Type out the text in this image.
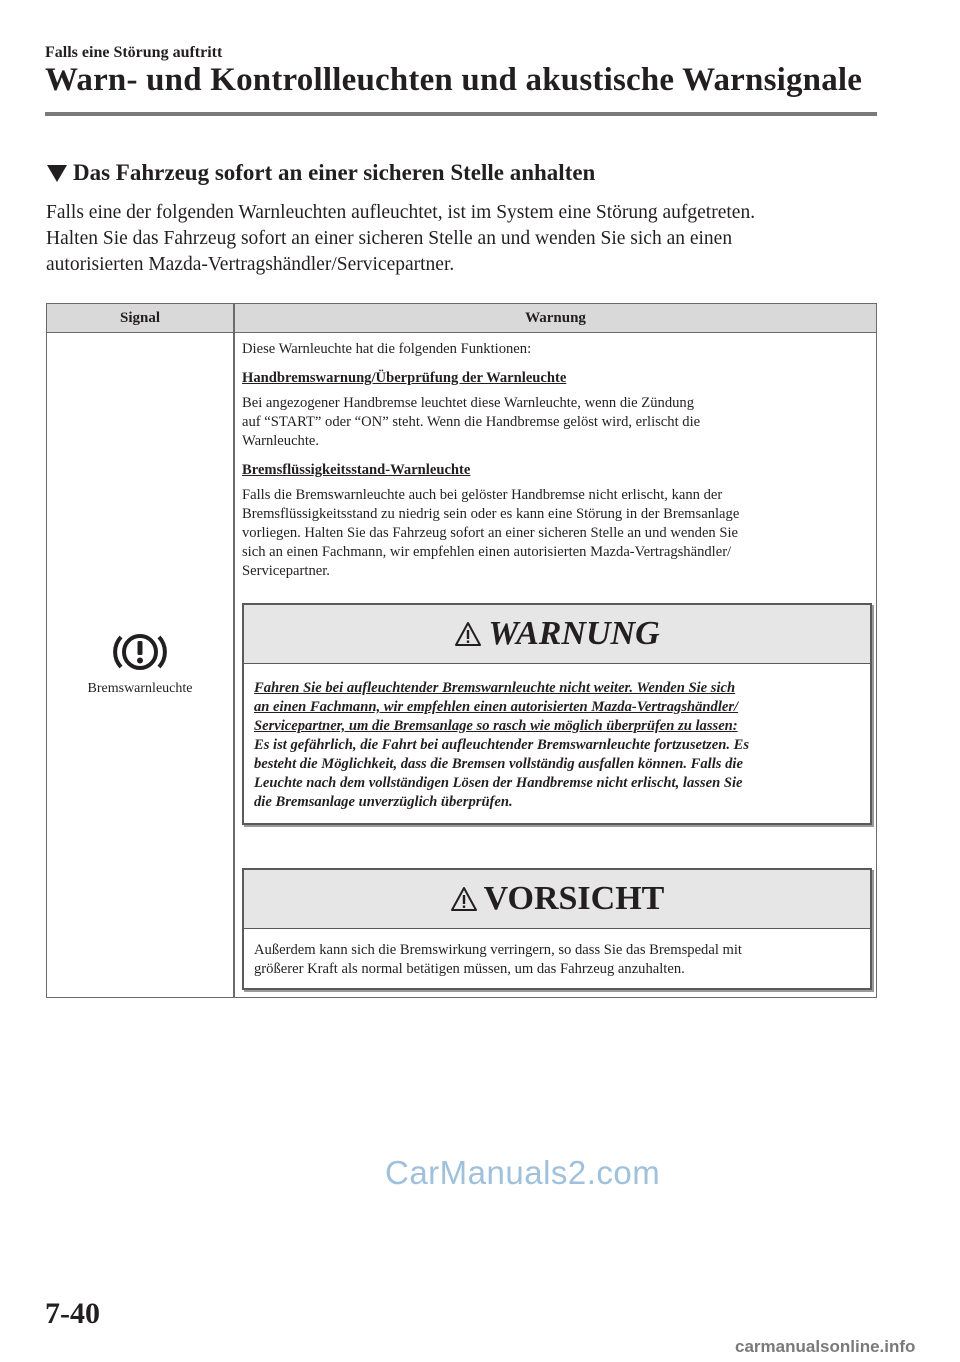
Falls eine Störung auftritt
Warn- und Kontrollleuchten und akustische Warnsignale
Das Fahrzeug sofort an einer sicheren Stelle anhalten

Falls eine der folgenden Warnleuchten aufleuchtet, ist im System eine Störung aufgetreten.

Halten Sie das Fahrzeug sofort an einer sicheren Stelle an und wenden Sie sich an einen

autorisierten Mazda-Vertragshändler/Servicepartner.

Signal	Warnung
Bremswarnleuchte

Diese Warnleuchte hat die folgenden Funktionen:

Handbremswarnung/Überprüfung der Warnleuchte

Bei angezogener Handbremse leuchtet diese Warnleuchte, wenn die Zündung

auf “START” oder “ON” steht. Wenn die Handbremse gelöst wird, erlischt die

Warnleuchte.

Bremsflüssigkeitsstand-Warnleuchte

Falls die Bremswarnleuchte auch bei gelöster Handbremse nicht erlischt, kann der

Bremsflüssigkeitsstand zu niedrig sein oder es kann eine Störung in der Bremsanlage

vorliegen. Halten Sie das Fahrzeug sofort an einer sicheren Stelle an und wenden Sie

sich an einen Fachmann, wir empfehlen einen autorisierten Mazda-Vertragshändler/

Servicepartner.

WARNUNG

Fahren Sie bei aufleuchtender Bremswarnleuchte nicht weiter. Wenden Sie sich

an einen Fachmann, wir empfehlen einen autorisierten Mazda-Vertragshändler/

Servicepartner, um die Bremsanlage so rasch wie möglich überprüfen zu lassen:

Es ist gefährlich, die Fahrt bei aufleuchtender Bremswarnleuchte fortzusetzen. Es

besteht die Möglichkeit, dass die Bremsen vollständig ausfallen können. Falls die

Leuchte nach dem vollständigen Lösen der Handbremse nicht erlischt, lassen Sie

die Bremsanlage unverzüglich überprüfen.

VORSICHT

Außerdem kann sich die Bremswirkung verringern, so dass Sie das Bremspedal mit

größerer Kraft als normal betätigen müssen, um das Fahrzeug anzuhalten.

CarManuals2.com
7-40
carmanualsonline.info
